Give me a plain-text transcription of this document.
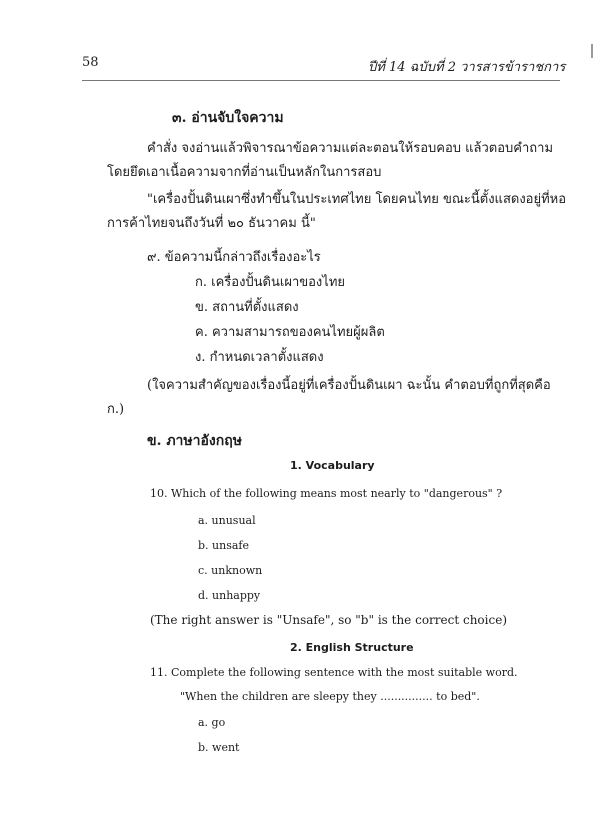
58	ปีที่ 14 ฉบับที่ 2 วารสารข้าราชการ
๓. อ่านจับใจความ
คำสั่ง จงอ่านแล้วพิจารณาข้อความแต่ละตอนให้รอบคอบ แล้วตอบคำถาม
โดยยึดเอาเนื้อความจากที่อ่านเป็นหลักในการสอบ
"เครื่องปั้นดินเผาซึ่งทำขึ้นในประเทศไทย โดยคนไทย ขณะนี้ตั้งแสดงอยู่ที่หอ
การค้าไทยจนถึงวันที่ ๒๐ ธันวาคม นี้"
๙. ข้อความนี้กล่าวถึงเรื่องอะไร
ก. เครื่องปั้นดินเผาของไทย
ข. สถานที่ตั้งแสดง
ค. ความสามารถของคนไทยผู้ผลิต
ง. กำหนดเวลาตั้งแสดง
(ใจความสำคัญของเรื่องนี้อยู่ที่เครื่องปั้นดินเผา ฉะนั้น คำตอบที่ถูกที่สุดคือ
ก.)
ข. ภาษาอังกฤษ
1. Vocabulary
10. Which of the following means most nearly to "dangerous" ?
a. unusual
b. unsafe
c. unknown
d. unhappy
(The right answer is "Unsafe", so "b" is the correct choice)
2. English Structure
11. Complete the following sentence with the most suitable word.
"When the children are sleepy they ............... to bed".
a. go
b. went
